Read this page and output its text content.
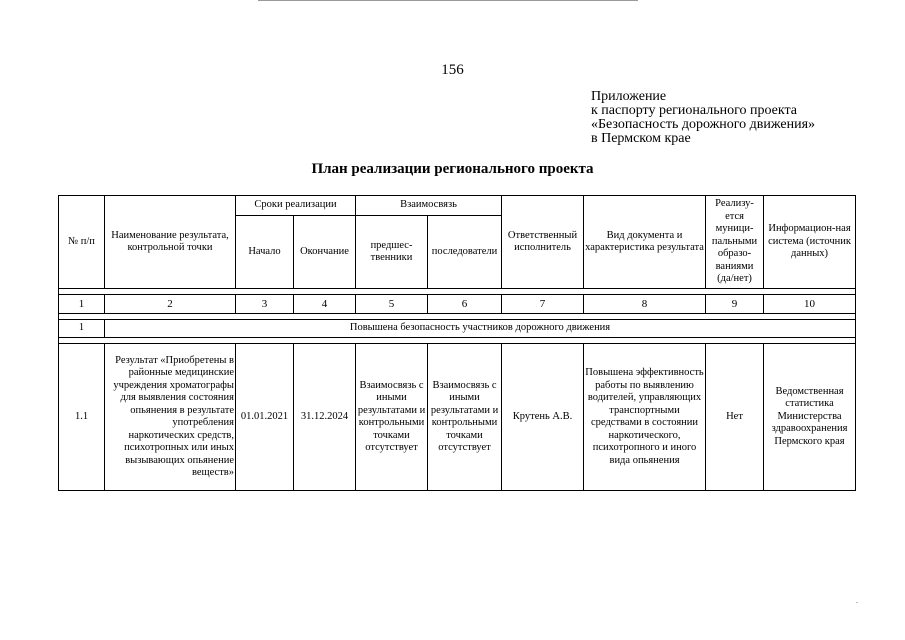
156
Приложение
к паспорту регионального проекта
«Безопасность дорожного движения»
в Пермском крае
План реализации регионального проекта
№ п/п	Наименование результата, контрольной точки	Сроки реализации		Взаимосвязь		Ответственный исполнитель	Вид документа и характеристика результата	Реализу-ется муници-пальными образо-ваниями (да/нет)	Информацион-ная система (источник данных)
		Начало	Окончание	предшес-твенники	последователи				

1	2	3	4	5	6	7	8	9	10

1	Повышена безопасность участников дорожного движения								

1.1	Результат «Приобретены в районные медицинские учреждения хроматографы для выявления состояния опьянения в результате употребления наркотических средств, психотропных или иных вызывающих опьянение веществ»	01.01.2021	31.12.2024	Взаимосвязь с иными результатами и контрольными точками отсутствует	Взаимосвязь с иными результатами и контрольными точками отсутствует	Крутень А.В.	Повышена эффективность работы по выявлению водителей, управляющих транспортными средствами в состоянии наркотического, психотропного и иного вида опьянения	Нет	Ведомственная статистика Министерства здравоохранения Пермского края
